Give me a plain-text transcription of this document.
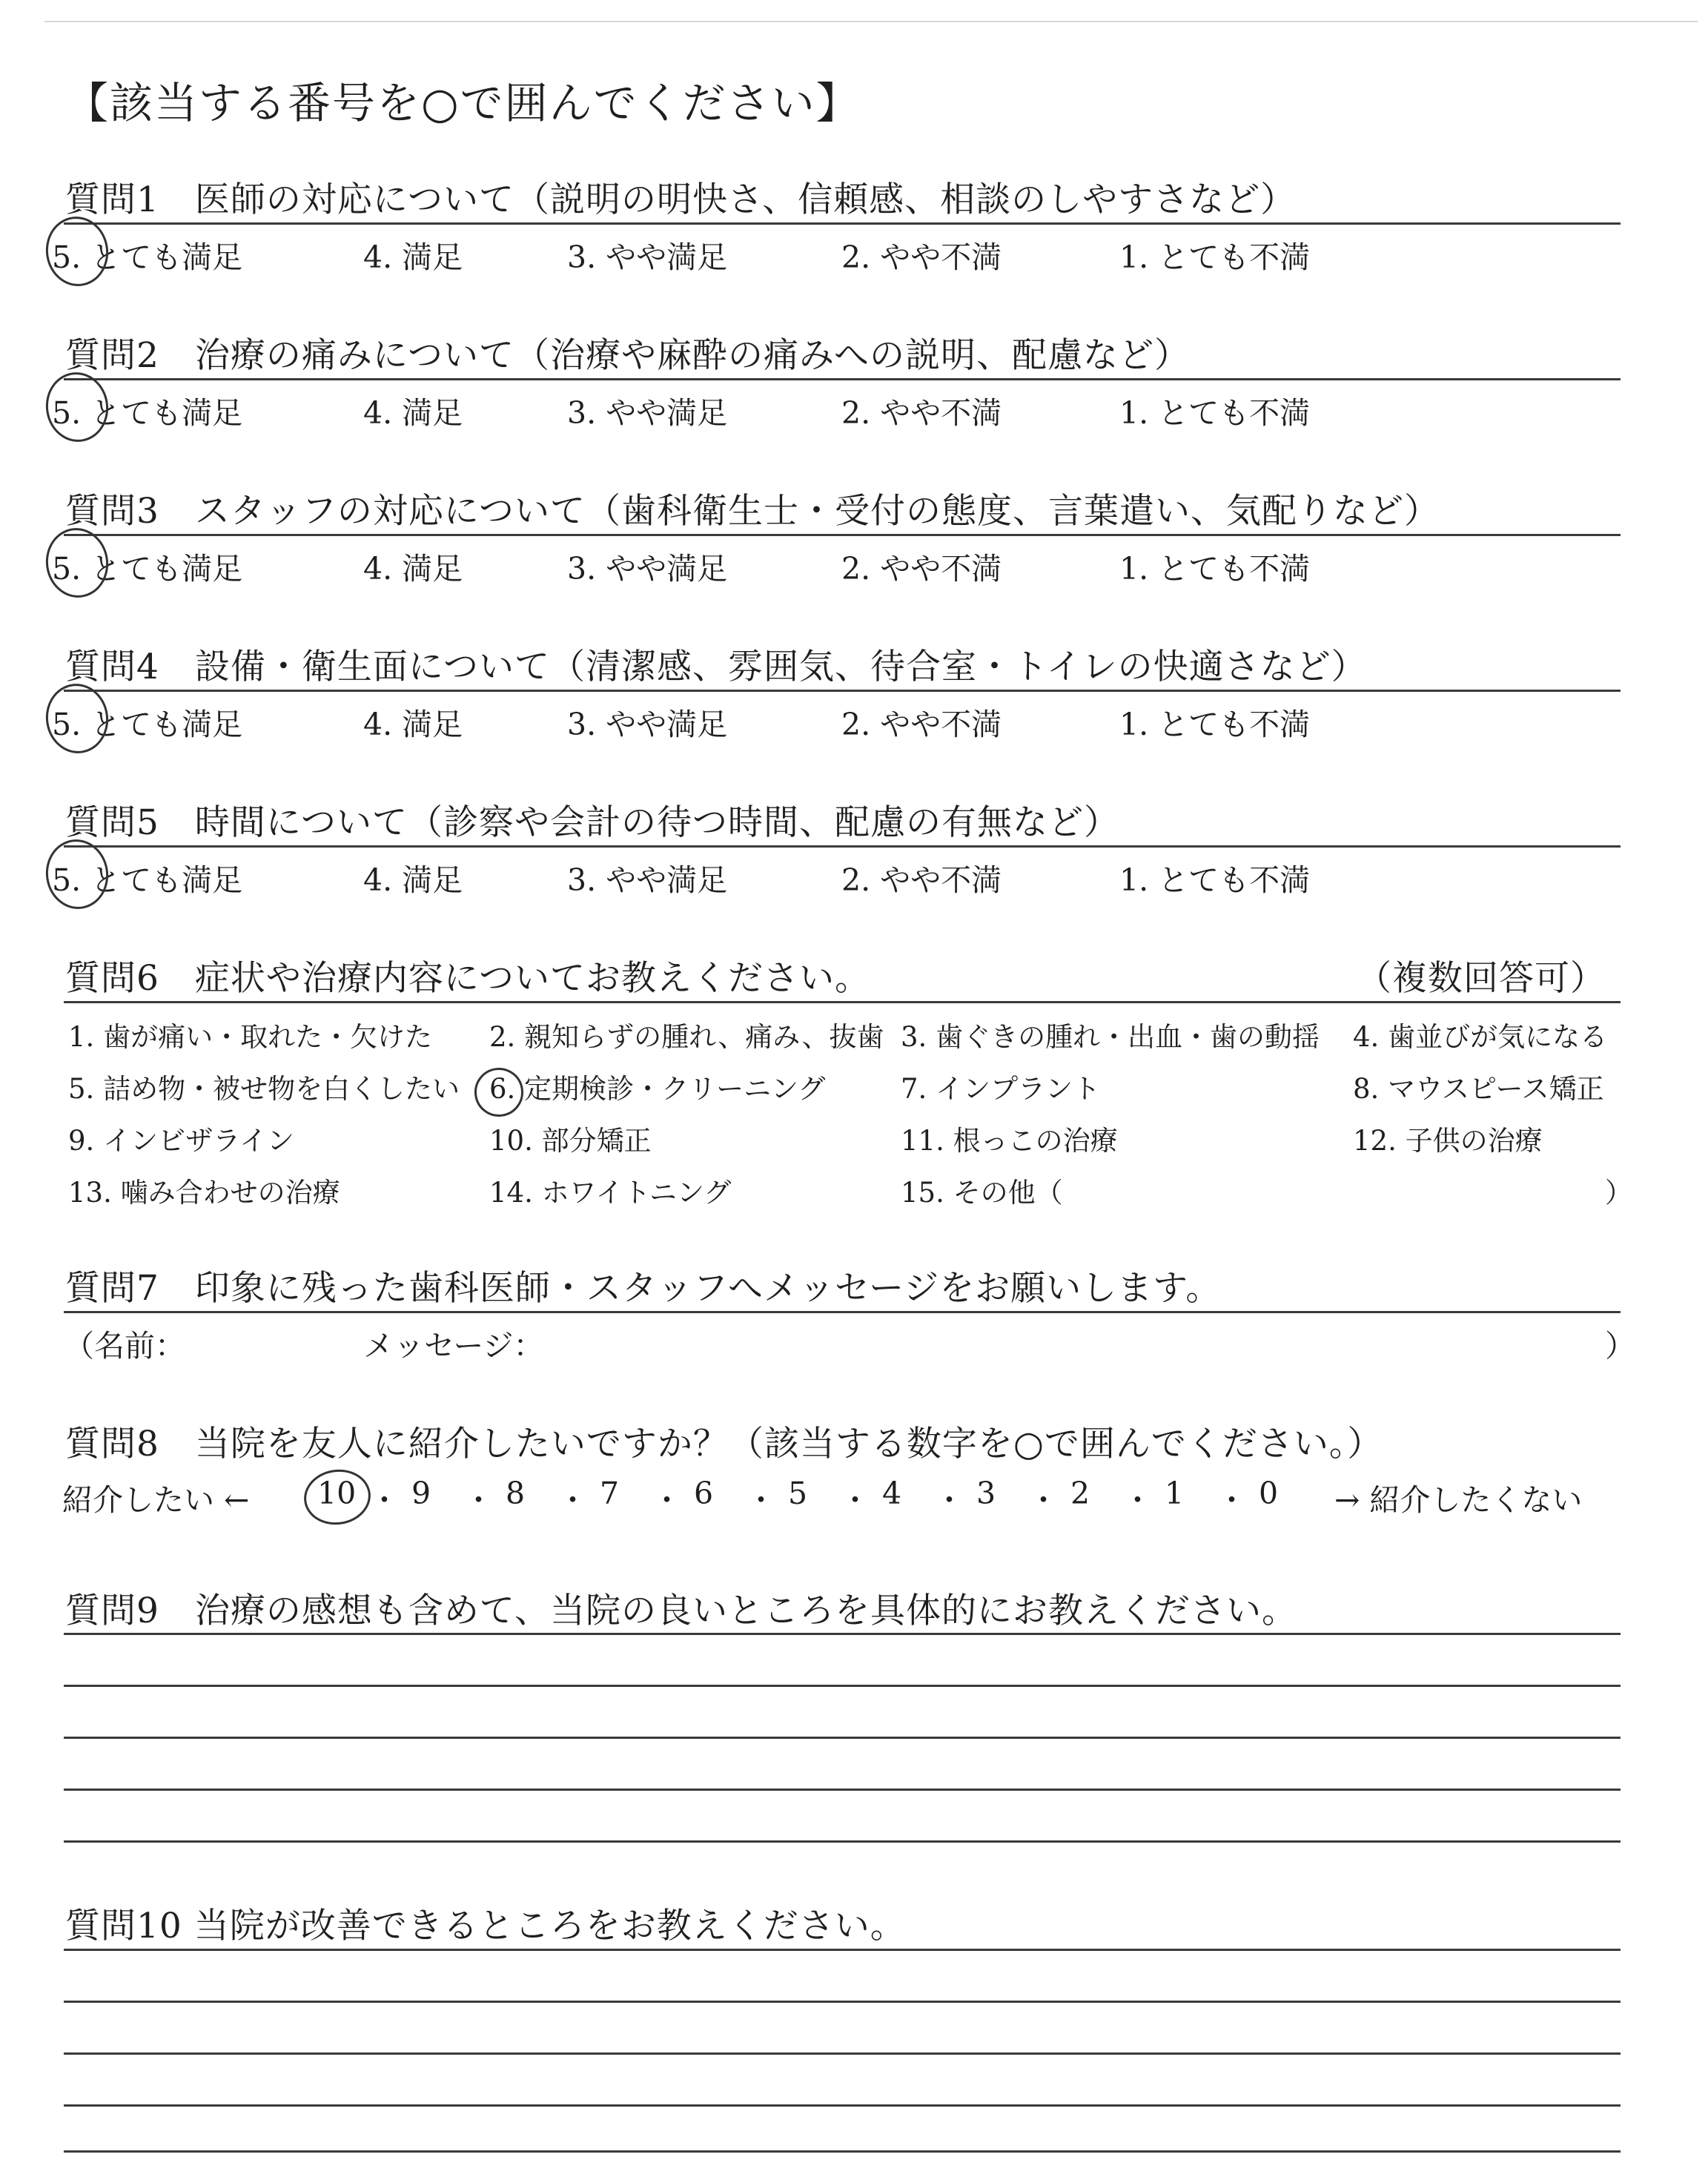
【該当する番号を○で囲んでください】
質問1　 医師の対応について（説明の明快さ、信頼感、相談のしやすさなど）
5. とても満足	4. 満足	3. やや満足	2. やや不満	1. とても不満
質問2　 治療の痛みについて（治療や麻酔の痛みへの説明、配慮など）
5. とても満足	4. 満足	3. やや満足	2. やや不満	1. とても不満
質問3　 スタッフの対応について（歯科衛生士・受付の態度、言葉遣い、気配りなど）
5. とても満足	4. 満足	3. やや満足	2. やや不満	1. とても不満
質問4　 設備・衛生面について（清潔感、雰囲気、待合室・トイレの快適さなど）
5. とても満足	4. 満足	3. やや満足	2. やや不満	1. とても不満
質問5　 時間について（診察や会計の待つ時間、配慮の有無など）
5. とても満足	4. 満足	3. やや満足	2. やや不満	1. とても不満
質問6　 症状や治療内容についてお教えください。	（複数回答可）
1. 歯が痛い・取れた・欠けた 2. 親知らずの腫れ、痛み、抜歯 3. 歯ぐきの腫れ・出血・歯の動揺 4. 歯並びが気になる
5. 詰め物・被せ物を白くしたい 6. 定期検診・クリーニング	7. インプラント	8. マウスピース矯正
9. インビザライン	10. 部分矯正	11. 根っこの治療	12. 子供の治療
13. 噛み合わせの治療	14. ホワイトニング	15. その他（	）
質問7　 印象に残った歯科医師・スタッフへメッセージをお願いします。
（名前：	メッセージ：	）
質問8　 当院を友人に紹介したいですか？（該当する数字を○で囲んでください。）
紹介したい ←	→ 紹介したくない
10 ・ 9 ・ 8 ・ 7 ・ 6 ・ 5 ・ 4 ・ 3 ・ 2 ・ 1 ・ 0
質問9　 治療の感想も含めて、当院の良いところを具体的にお教えください。
質問10 当院が改善できるところをお教えください。
